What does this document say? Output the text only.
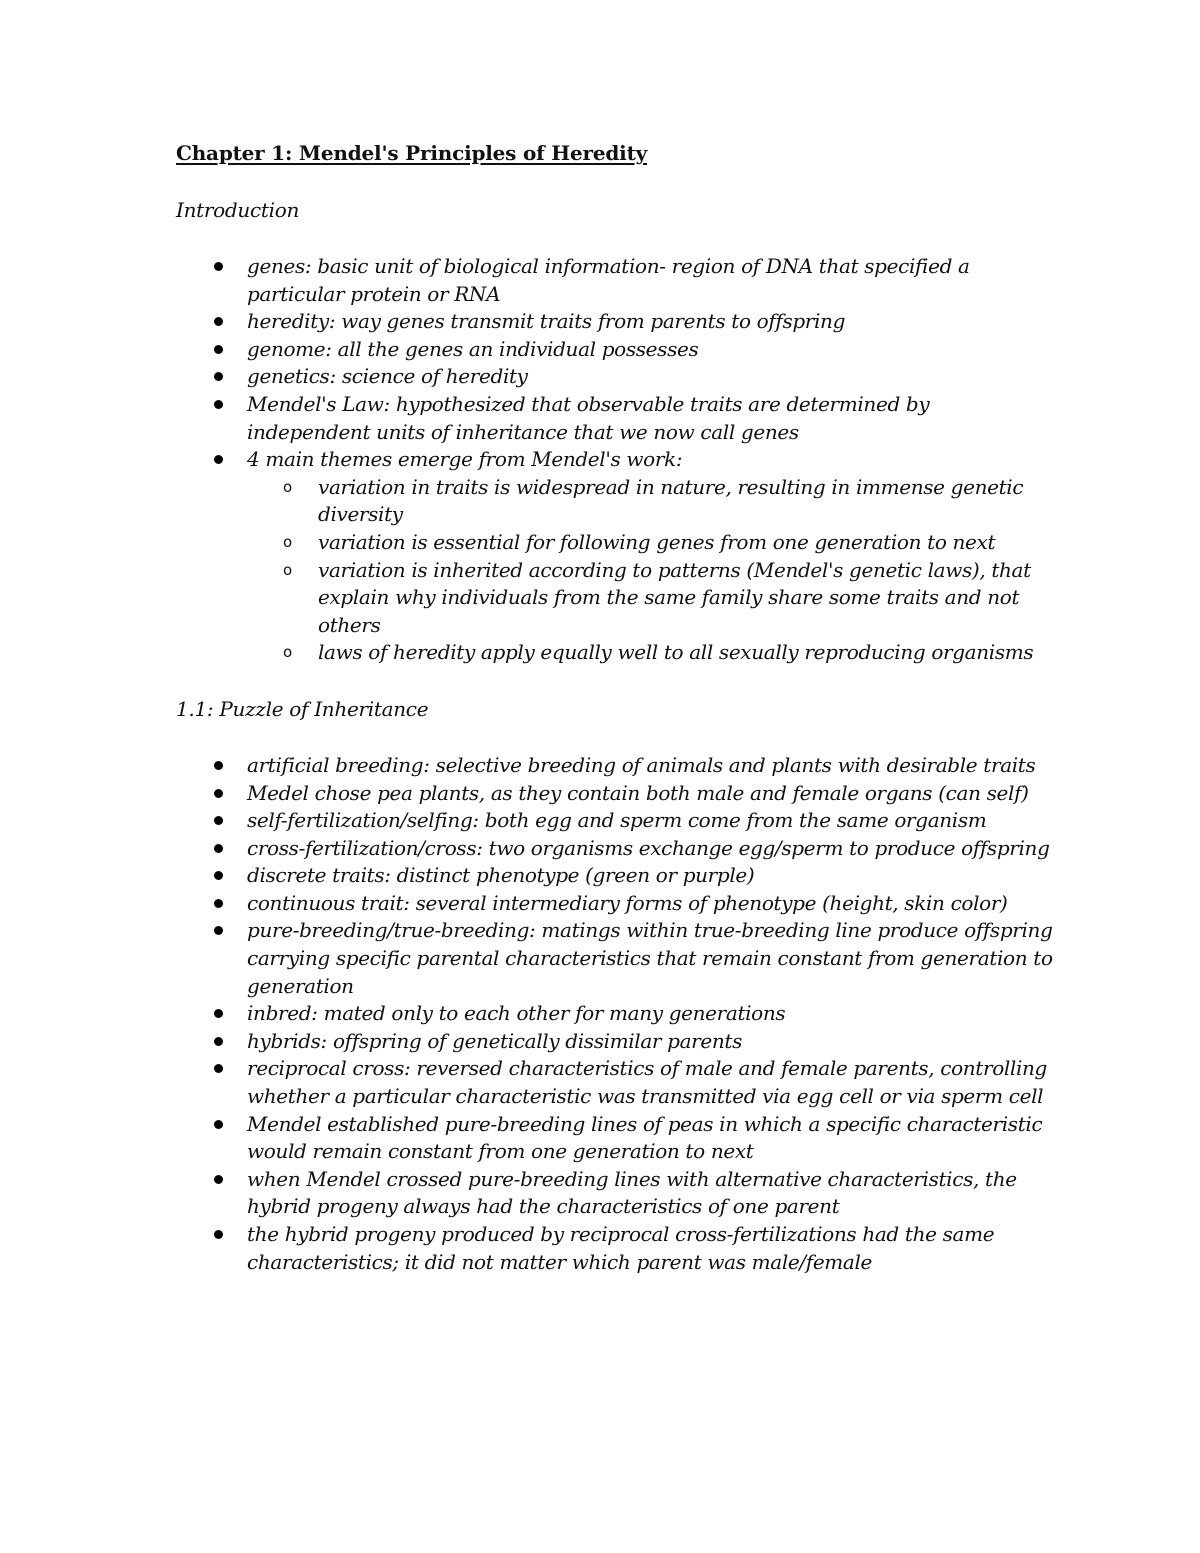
Chapter 1: Mendel's Principles of Heredity
Introduction
genes: basic unit of biological information- region of DNA that specified a particular protein or RNA
heredity: way genes transmit traits from parents to offspring
genome: all the genes an individual possesses
genetics: science of heredity
Mendel's Law: hypothesized that observable traits are determined by independent units of inheritance that we now call genes
4 main themes emerge from Mendel's work:
o variation in traits is widespread in nature, resulting in immense genetic diversity
o variation is essential for following genes from one generation to next
o variation is inherited according to patterns (Mendel's genetic laws), that explain why individuals from the same family share some traits and not others
o laws of heredity apply equally well to all sexually reproducing organisms
1.1: Puzzle of Inheritance
artificial breeding: selective breeding of animals and plants with desirable traits
Medel chose pea plants, as they contain both male and female organs (can self)
self-fertilization/selfing: both egg and sperm come from the same organism
cross-fertilization/cross: two organisms exchange egg/sperm to produce offspring
discrete traits: distinct phenotype (green or purple)
continuous trait: several intermediary forms of phenotype (height, skin color)
pure-breeding/true-breeding: matings within true-breeding line produce offspring carrying specific parental characteristics that remain constant from generation to generation
inbred: mated only to each other for many generations
hybrids: offspring of genetically dissimilar parents
reciprocal cross: reversed characteristics of male and female parents, controlling whether a particular characteristic was transmitted via egg cell or via sperm cell
Mendel established pure-breeding lines of peas in which a specific characteristic would remain constant from one generation to next
when Mendel crossed pure-breeding lines with alternative characteristics, the hybrid progeny always had the characteristics of one parent
the hybrid progeny produced by reciprocal cross-fertilizations had the same characteristics; it did not matter which parent was male/female
